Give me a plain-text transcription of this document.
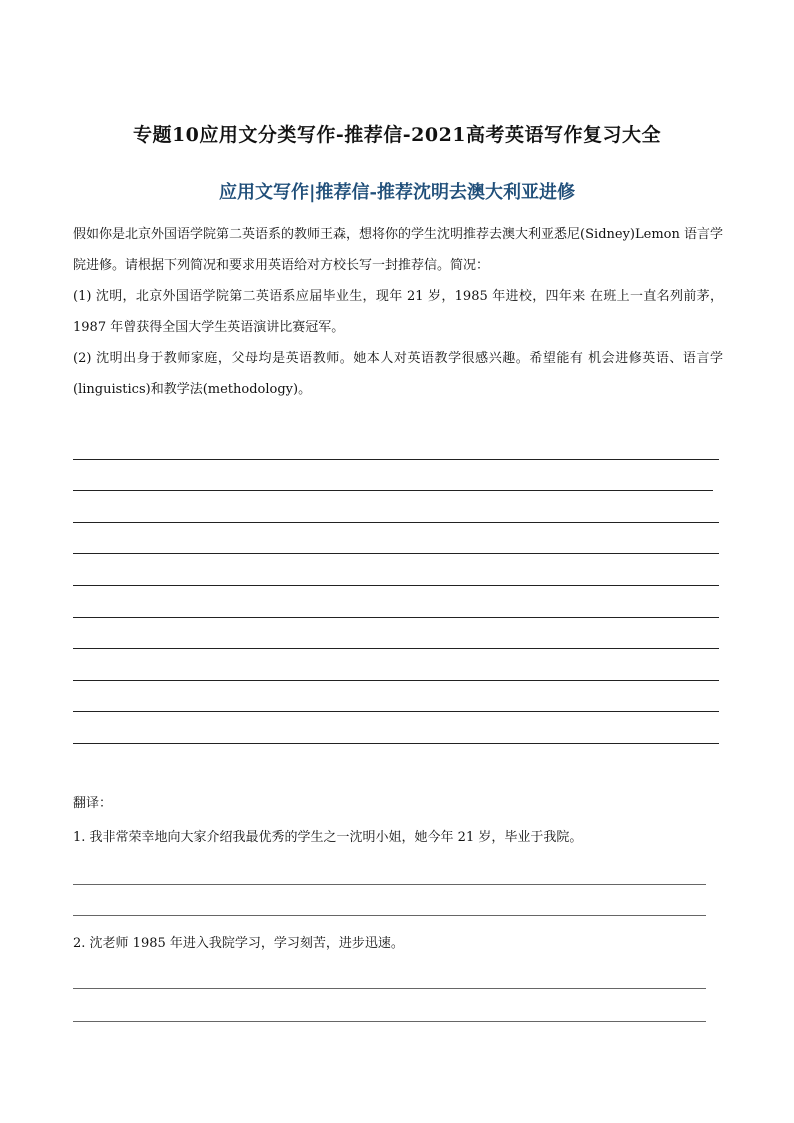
专题10应用文分类写作-推荐信-2021高考英语写作复习大全
应用文写作|推荐信-推荐沈明去澳大利亚进修

假如你是北京外国语学院第二英语系的教师王森，想将你的学生沈明推荐去澳大利亚悉尼(Sidney)Lemon 语言学院进修。请根据下列简况和要求用英语给对方校长写一封推荐信。简况：

(1) 沈明，北京外国语学院第二英语系应届毕业生，现年 21 岁，1985 年进校，四年来 在班上一直名列前茅，1987 年曾获得全国大学生英语演讲比赛冠军。

(2) 沈明出身于教师家庭，父母均是英语教师。她本人对英语教学很感兴趣。希望能有 机会进修英语、语言学(linguistics)和教学法(methodology)。

翻译：

1. 我非常荣幸地向大家介绍我最优秀的学生之一沈明小姐，她今年 21 岁，毕业于我院。

2. 沈老师 1985 年进入我院学习，学习刻苦，进步迅速。
